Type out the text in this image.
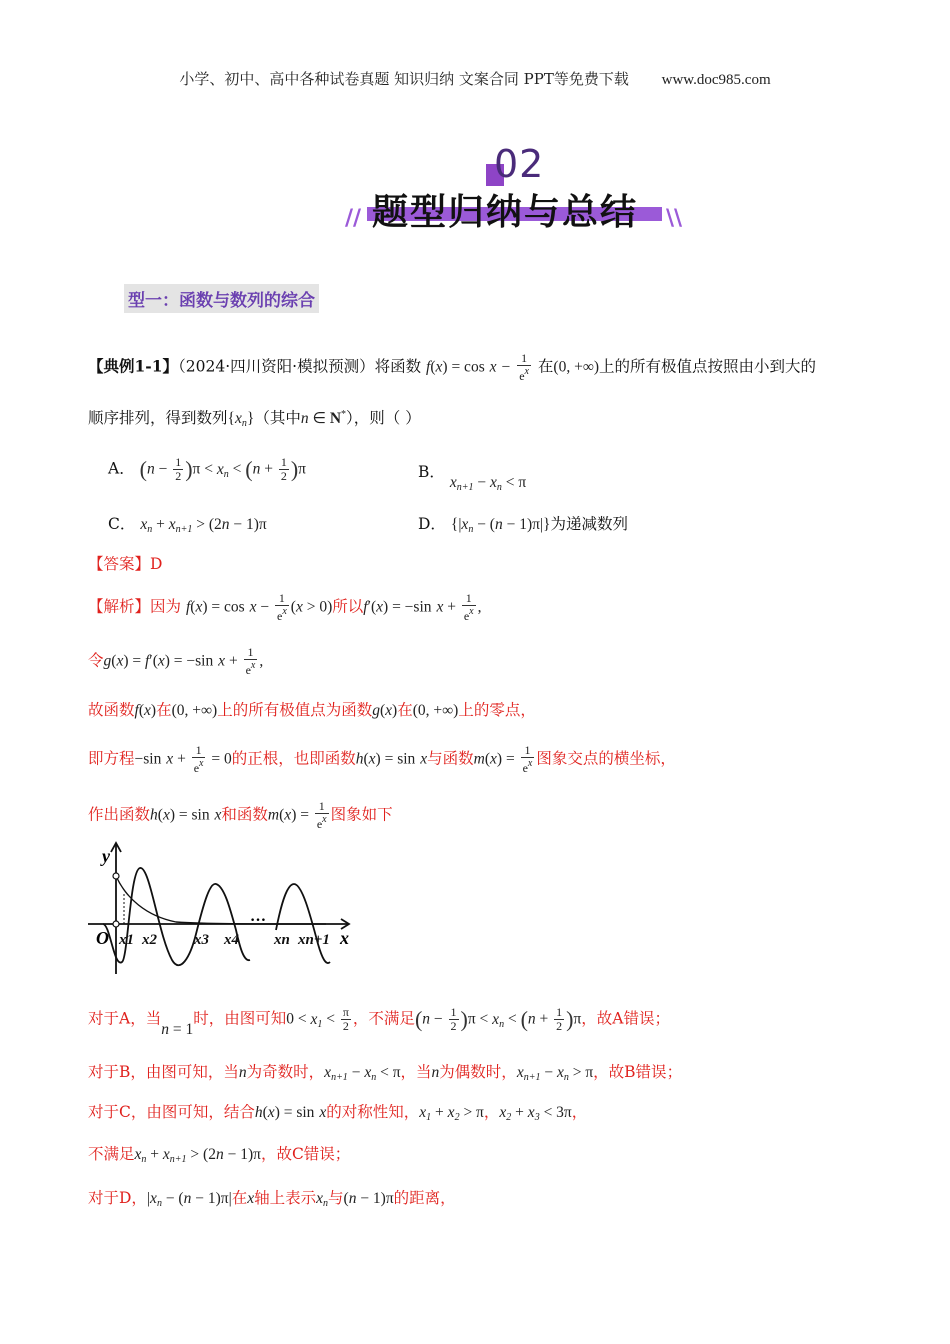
小学、初中、高中各种试卷真题 知识归纳 文案合同 PPT等免费下载 www.doc985.com
02
题型归纳与总结
//	\\
型一：函数与数列的综合
【典例1-1】（2024·四川资阳·模拟预测）将函数 $f(x) = \cos x - \frac{1}{e^x}$ 在(0, +∞)上的所有极值点按照由小到大的
顺序排列，得到数列$\{x_n\}$（其中n ∈ N*），则（ ）
A． $(n - \frac{1}{2} )\pi < x_n < (n + \frac{1}{2} )\pi$	B． $x_{n+1} - x_n < \pi$
C． $x_n + x_{n+1} > (2n - 1)\pi$	D． $\{|x_n - (n - 1)\pi|\}$为递减数列
【答案】D
【解析】因为 $f(x) = \cos x - \frac{1}{e^x} (x > 0)$所以f′(x) = −sin $x + \frac{1}{e^x}$ ,
令g(x) = f′(x) = −sin $x + \frac{1}{e^x}$ ,
故函数f(x)在(0, +∞)上的所有极值点为函数g(x)在(0, +∞)上的零点，
即方程−sin $x + \frac{1}{e^x} = 0$的正根，也即函数h(x) = sin x与函数$m(x) = \frac{1}{e^x}$ 图象交点的横坐标，
作出函数h(x) = sin x和函数$m(x) = \frac{1}{e^x}$ 图象如下
…
y
x
O x1 x2 x3 x4 xn xn+1
对于A，当n = 1时，由图可知$0 < x_1 < \frac{\pi}{2}$ ，不满足$(n - \frac{1}{2} )\pi < x_n < (n + \frac{1}{2} )\pi$，故A错误；
对于B，由图可知，当n为奇数时，$x_{n+1} - x_n < \pi$，当n为偶数时，$x_{n+1} - x_n > \pi$，故B错误；
对于C，由图可知，结合h(x) = sin x的对称性知，$x_1 + x_2 > \pi$，$x_2 + x_3 < 3\pi$，
不满足$x_n + x_{n+1} > (2n - 1)\pi$，故C错误；
对于D，$|x_n - (n - 1)\pi|$在x轴上表示$x_n$与(n − 1)π的距离，
